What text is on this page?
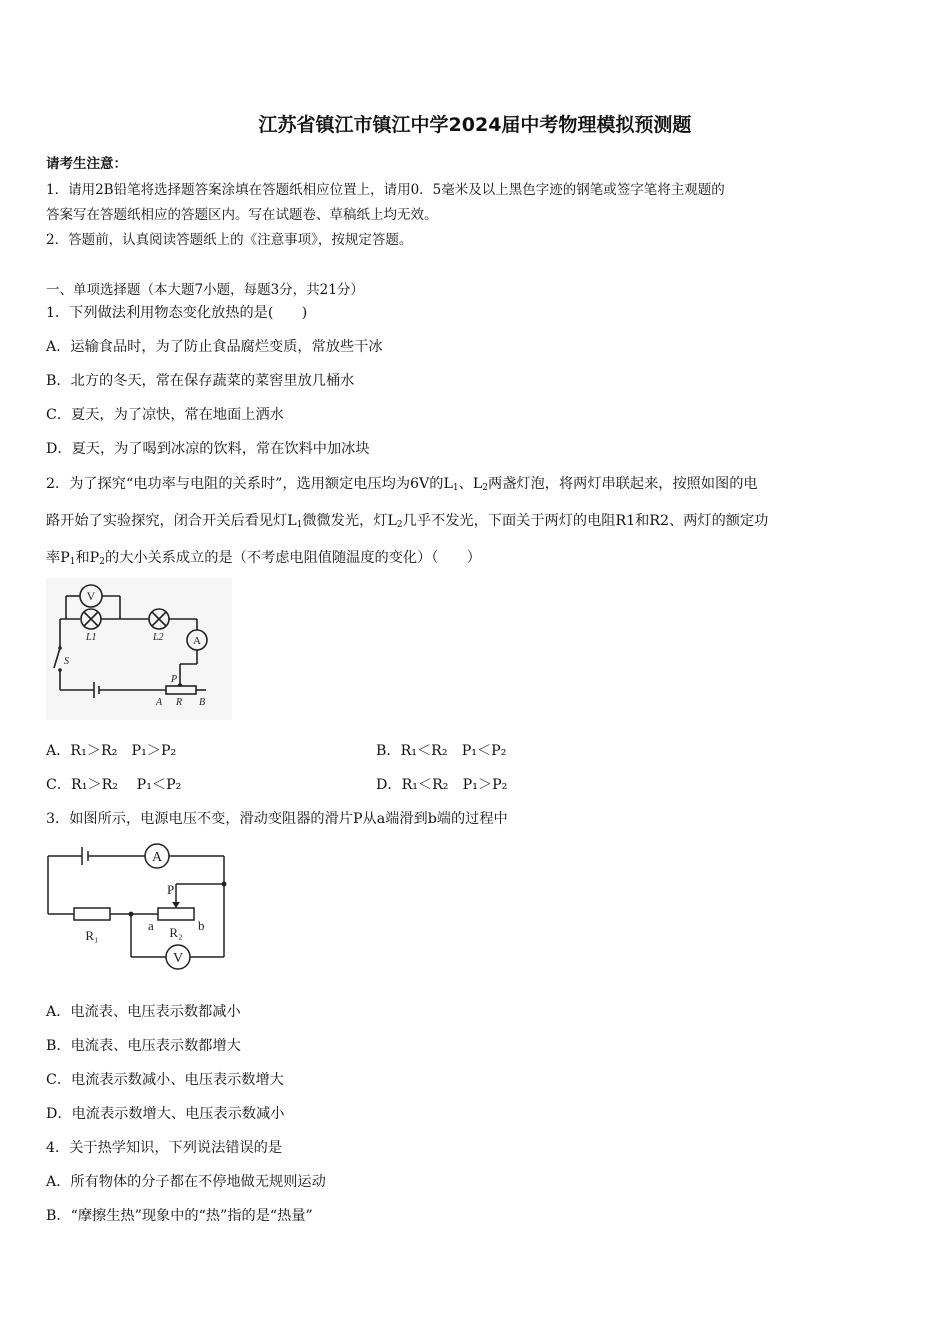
江苏省镇江市镇江中学2024届中考物理模拟预测题
请考生注意：
1．请用2B铅笔将选择题答案涂填在答题纸相应位置上，请用0．5毫米及以上黑色字迹的钢笔或签字笔将主观题的
答案写在答题纸相应的答题区内。写在试题卷、草稿纸上均无效。
2．答题前，认真阅读答题纸上的《注意事项》，按规定答题。
一、单项选择题（本大题7小题，每题3分，共21分）
1．下列做法利用物态变化放热的是(　　)
A．运输食品时，为了防止食品腐烂变质，常放些干冰
B．北方的冬天，常在保存蔬菜的菜窖里放几桶水
C．夏天，为了凉快，常在地面上洒水
D．夏天，为了喝到冰凉的饮料，常在饮料中加冰块
2．为了探究“电功率与电阻的关系时”，选用额定电压均为6V的$L_1$、$L_2$两盏灯泡，将两灯串联起来，按照如图的电
路开始了实验探究，闭合开关后看见灯$L_1$微微发光，灯$L_2$几乎不发光，下面关于两灯的电阻R1和R2、两灯的额定功
率$P_1$和$P_2$的大小关系成立的是（不考虑电阻值随温度的变化）（　　）
V
L1	L2	A
S
P
A R B
A．R₁＞R₂　P₁＞P₂	B．R₁＜R₂　P₁＜P₂
C．R₁＞R₂　 P₁＜P₂	D．R₁＜R₂　P₁＞P₂
3．如图所示，电源电压不变，滑动变阻器的滑片P从a端滑到b端的过程中
A
P
R₁
a R₂ b
V
A．电流表、电压表示数都减小
B．电流表、电压表示数都增大
C．电流表示数减小、电压表示数增大
D．电流表示数增大、电压表示数减小
4．关于热学知识，下列说法错误的是
A．所有物体的分子都在不停地做无规则运动
B．“摩擦生热”现象中的“热”指的是“热量”
